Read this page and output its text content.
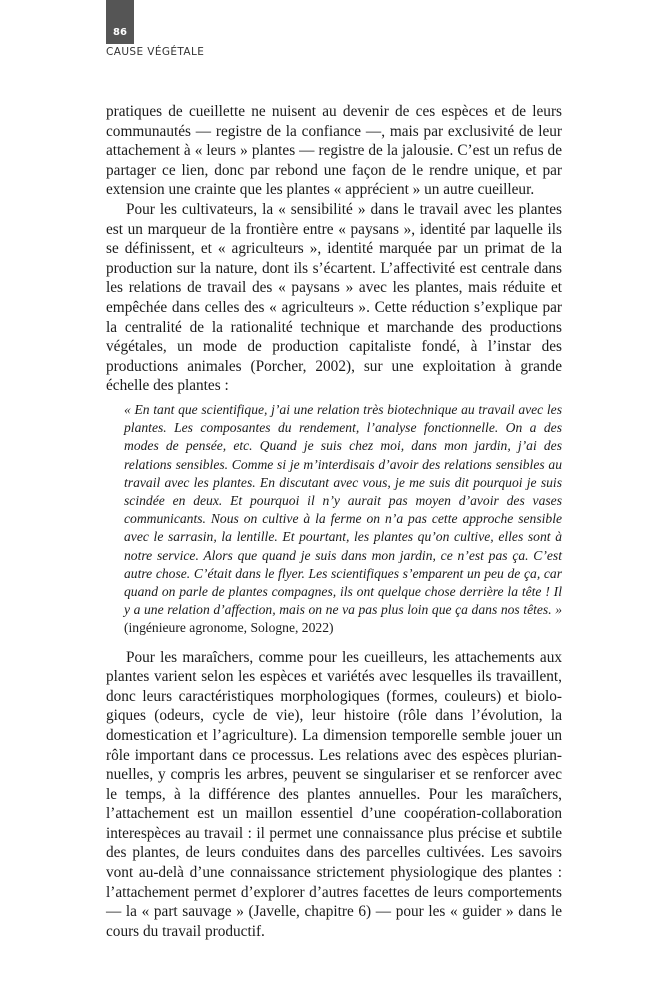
86
CAUSE VÉGÉTALE

pratiques de cueillette ne nuisent au devenir de ces espèces et de leurs communautés — registre de la confiance —, mais par exclusivité de leur attachement à « leurs » plantes — registre de la jalousie. C’est un refus de partager ce lien, donc par rebond une façon de le rendre unique, et par extension une crainte que les plantes « apprécient » un autre cueilleur.

Pour les cultivateurs, la « sensibilité » dans le travail avec les plantes est un marqueur de la frontière entre « paysans », identité par laquelle ils se définissent, et « agriculteurs », identité marquée par un primat de la production sur la nature, dont ils s’écartent. L’affectivité est centrale dans les relations de travail des « paysans » avec les plantes, mais réduite et empêchée dans celles des « agriculteurs ». Cette réduction s’explique par la centralité de la rationalité technique et marchande des productions végétales, un mode de production capitaliste fondé, à l’instar des productions animales (Porcher, 2002), sur une exploitation à grande échelle des plantes :

« En tant que scientifique, j’ai une relation très biotechnique au travail avec les plantes. Les composantes du rendement, l’analyse fonctionnelle. On a des modes de pensée, etc. Quand je suis chez moi, dans mon jardin, j’ai des relations sensibles. Comme si je m’interdisais d’avoir des relations sensibles au travail avec les plantes. En discutant avec vous, je me suis dit pourquoi je suis scindée en deux. Et pourquoi il n’y aurait pas moyen d’avoir des vases communicants. Nous on cultive à la ferme on n’a pas cette approche sensible avec le sarrasin, la lentille. Et pourtant, les plantes qu’on cultive, elles sont à notre service. Alors que quand je suis dans mon jardin, ce n’est pas ça. C’est autre chose. C’était dans le flyer. Les scientifiques s’emparent un peu de ça, car quand on parle de plantes compagnes, ils ont quelque chose derrière la tête ! Il y a une relation d’affection, mais on ne va pas plus loin que ça dans nos têtes. » (ingénieure agronome, Sologne, 2022)

Pour les maraîchers, comme pour les cueilleurs, les attachements aux plantes varient selon les espèces et variétés avec lesquelles ils travaillent, donc leurs caractéristiques morphologiques (formes, couleurs) et biologiques (odeurs, cycle de vie), leur histoire (rôle dans l’évolution, la domestication et l’agriculture). La dimension temporelle semble jouer un rôle important dans ce processus. Les relations avec des espèces pluriannuelles, y compris les arbres, peuvent se singulariser et se renforcer avec le temps, à la différence des plantes annuelles. Pour les maraîchers, l’attachement est un maillon essentiel d’une coopération-collaboration interespèces au travail : il permet une connaissance plus précise et subtile des plantes, de leurs conduites dans des parcelles cultivées. Les savoirs vont au-delà d’une connaissance strictement physiologique des plantes : l’attachement permet d’explorer d’autres facettes de leurs comportements — la « part sauvage » (Javelle, chapitre 6) — pour les « guider » dans le cours du travail productif.
